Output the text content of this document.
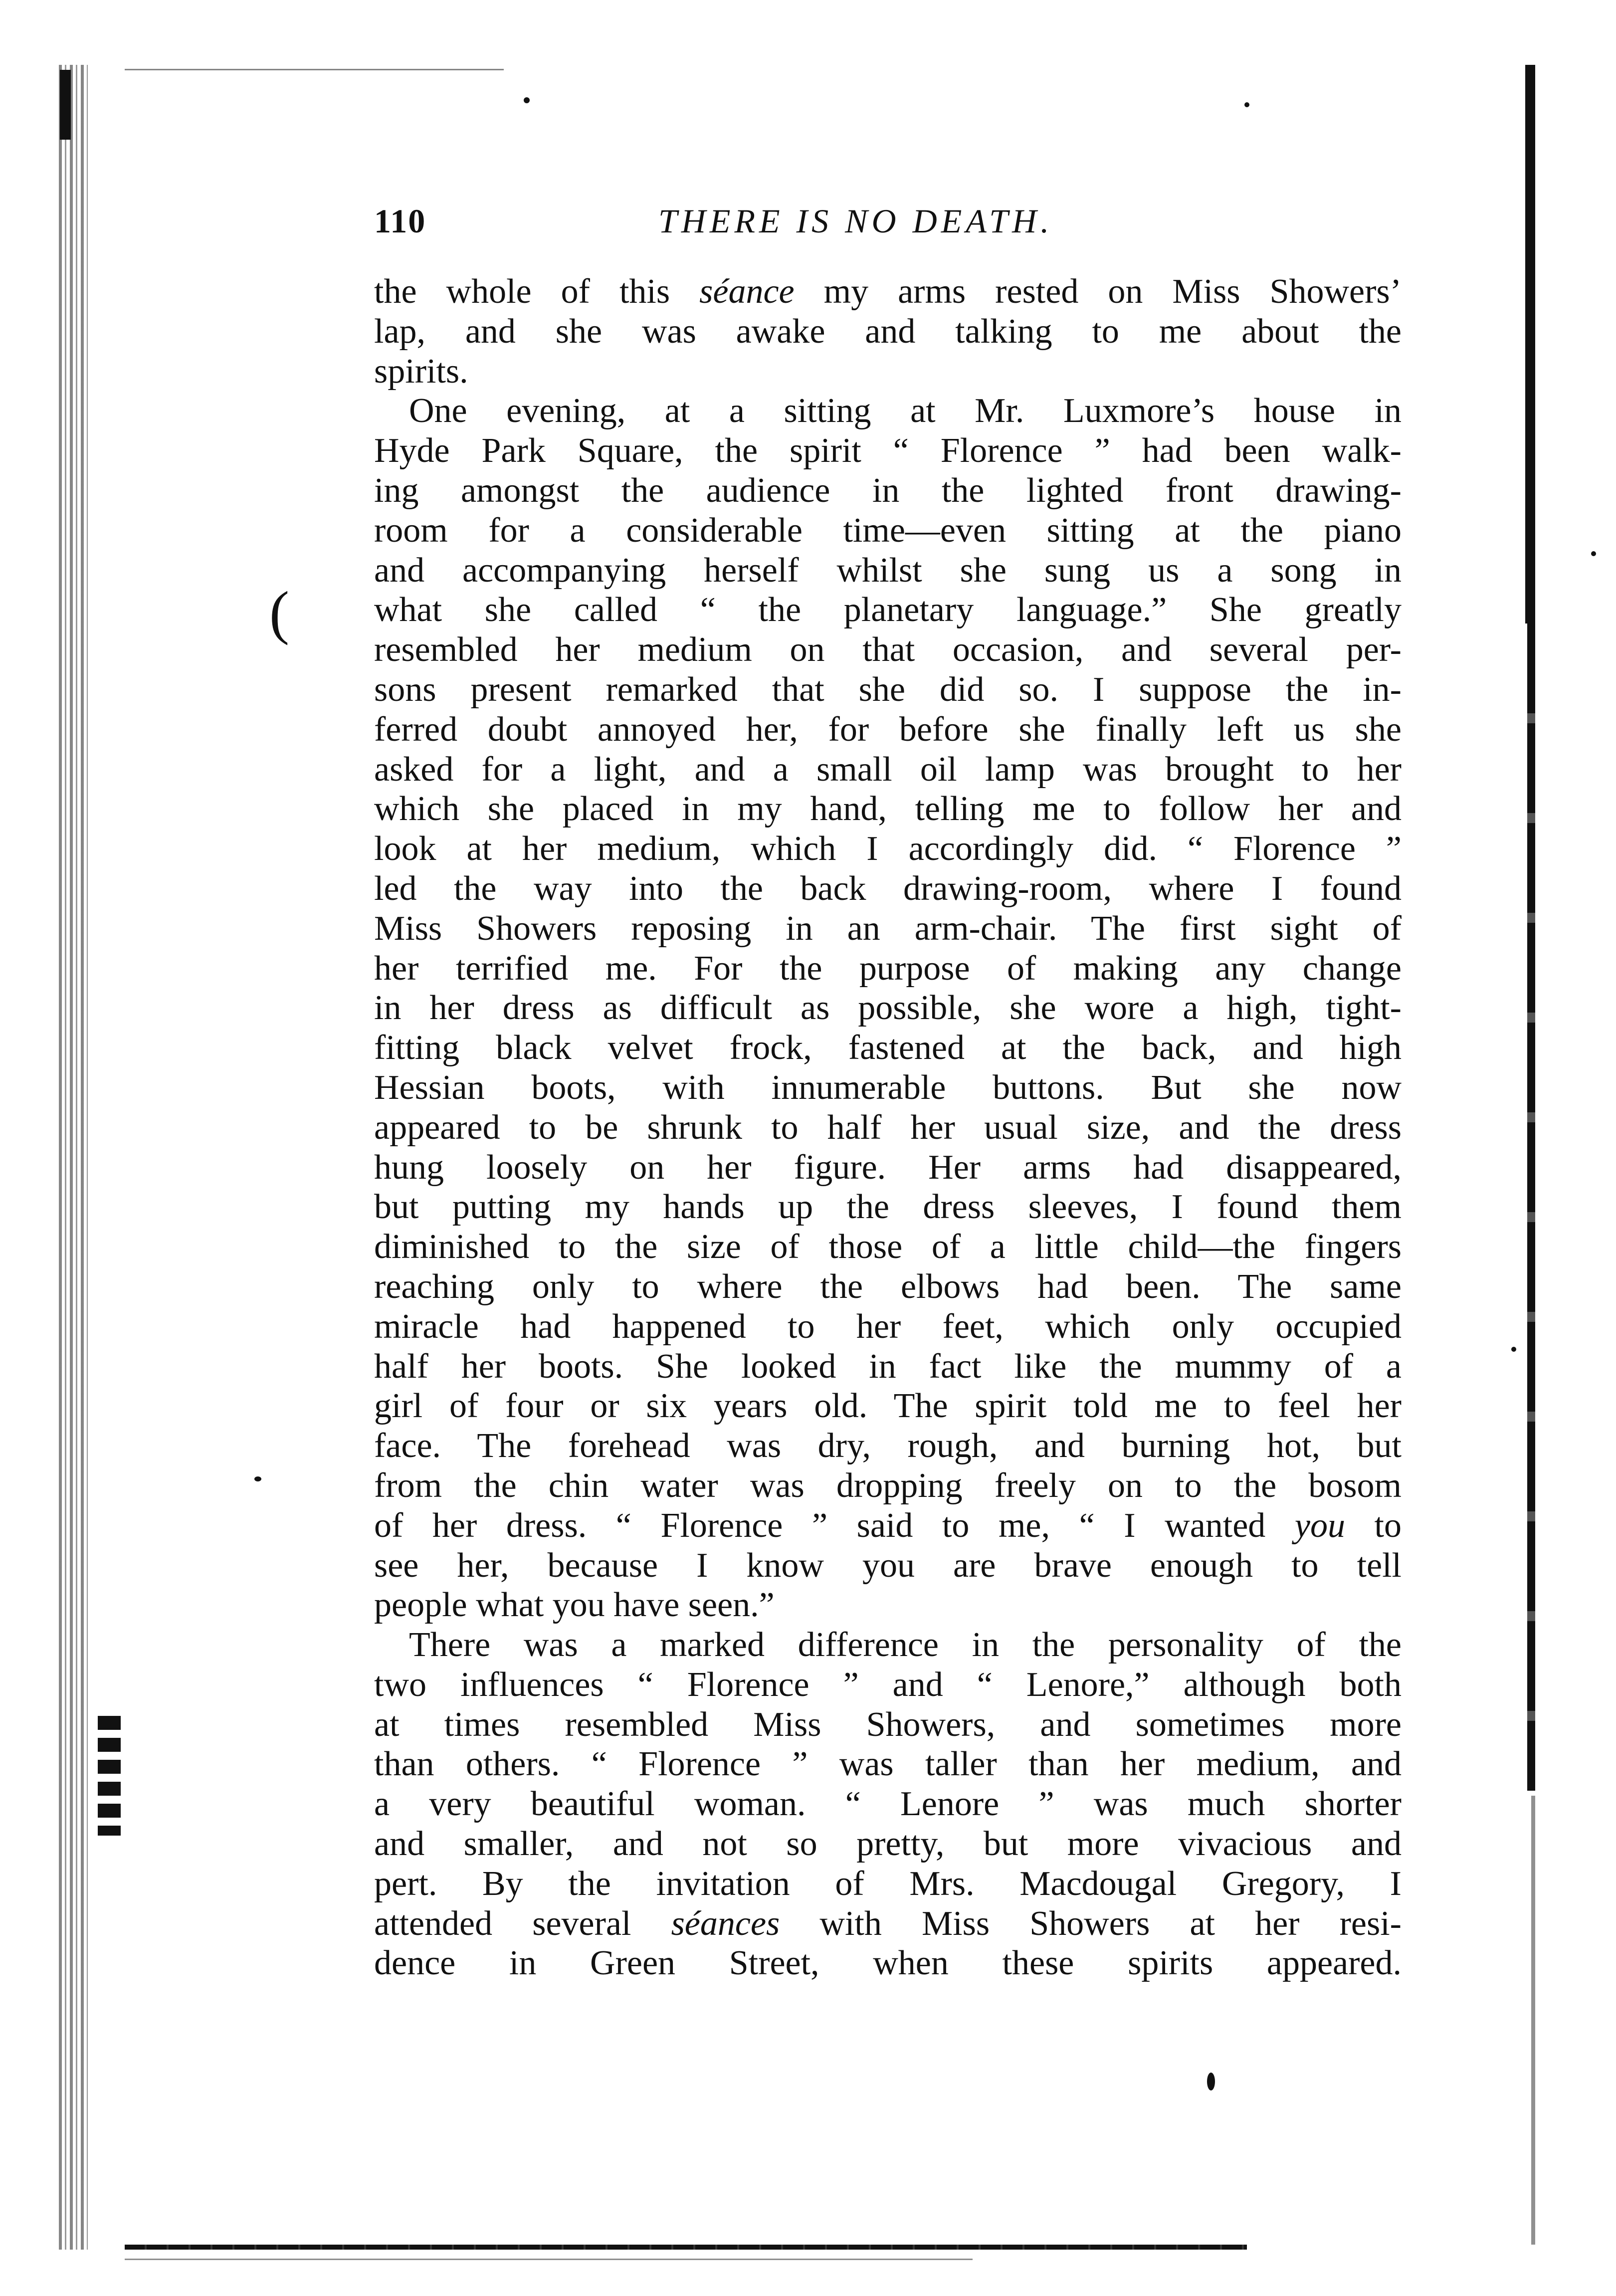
(
110	THERE IS NO DEATH.
the whole of this séance my arms rested on Miss Showers’
lap, and she was awake and talking to me about the
spirits.
One evening, at a sitting at Mr. Luxmore’s house in
Hyde Park Square, the spirit “ Florence ” had been walk-
ing amongst the audience in the lighted front drawing-
room for a considerable time—even sitting at the piano
and accompanying herself whilst she sung us a song in
what she called “ the planetary language.” She greatly
resembled her medium on that occasion, and several per-
sons present remarked that she did so. I suppose the in-
ferred doubt annoyed her, for before she finally left us she
asked for a light, and a small oil lamp was brought to her
which she placed in my hand, telling me to follow her and
look at her medium, which I accordingly did. “ Florence ”
led the way into the back drawing-room, where I found
Miss Showers reposing in an arm-chair. The first sight of
her terrified me. For the purpose of making any change
in her dress as difficult as possible, she wore a high, tight-
fitting black velvet frock, fastened at the back, and high
Hessian boots, with innumerable buttons. But she now
appeared to be shrunk to half her usual size, and the dress
hung loosely on her figure. Her arms had disappeared,
but putting my hands up the dress sleeves, I found them
diminished to the size of those of a little child—the fingers
reaching only to where the elbows had been. The same
miracle had happened to her feet, which only occupied
half her boots. She looked in fact like the mummy of a
girl of four or six years old. The spirit told me to feel her
face. The forehead was dry, rough, and burning hot, but
from the chin water was dropping freely on to the bosom
of her dress. “ Florence ” said to me, “ I wanted you to
see her, because I know you are brave enough to tell
people what you have seen.”
There was a marked difference in the personality of the
two influences “ Florence ” and “ Lenore,” although both
at times resembled Miss Showers, and sometimes more
than others. “ Florence ” was taller than her medium, and
a very beautiful woman. “ Lenore ” was much shorter
and smaller, and not so pretty, but more vivacious and
pert. By the invitation of Mrs. Macdougal Gregory, I
attended several séances with Miss Showers at her resi-
dence in Green Street, when these spirits appeared.
